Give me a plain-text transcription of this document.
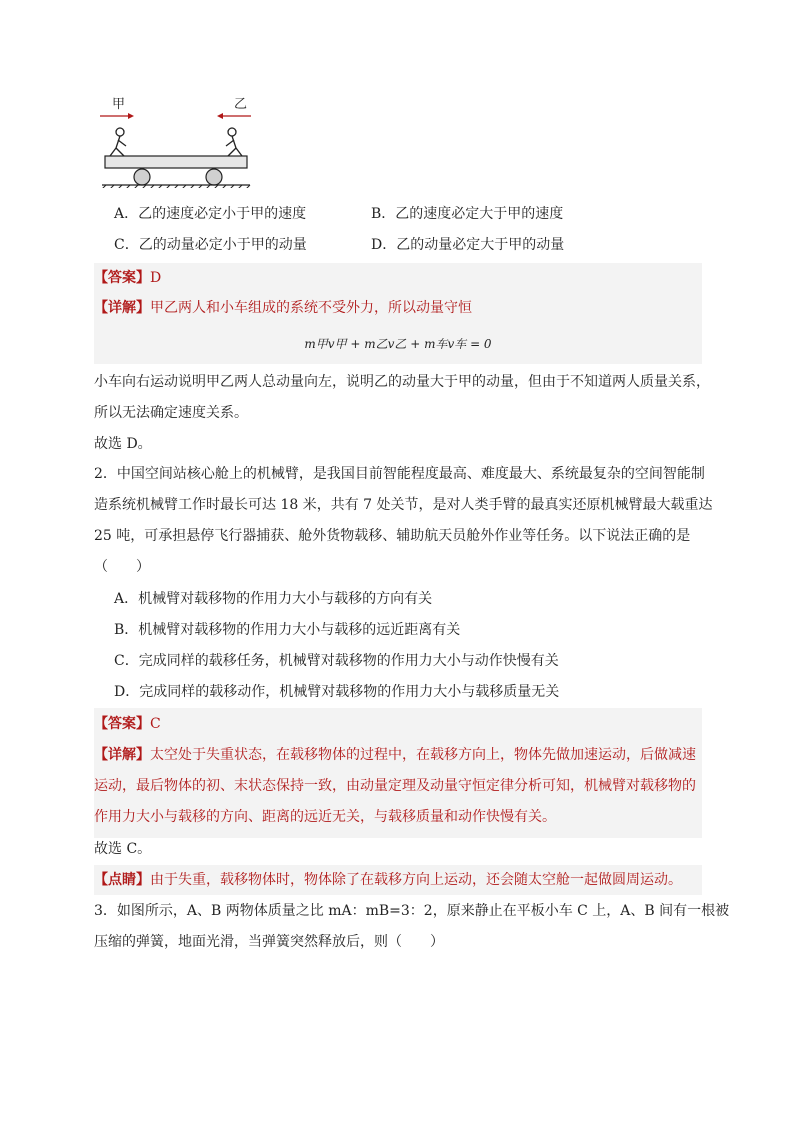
甲	乙
A．乙的速度必定小于甲的速度	B．乙的速度必定大于甲的速度
C．乙的动量必定小于甲的动量	D．乙的动量必定大于甲的动量
【答案】D
【详解】甲乙两人和小车组成的系统不受外力，所以动量守恒
m甲v甲 + m乙v乙 + m车v车 = 0
小车向右运动说明甲乙两人总动量向左，说明乙的动量大于甲的动量，但由于不知道两人质量关系，
所以无法确定速度关系。
故选 D。
2．中国空间站核心舱上的机械臂，是我国目前智能程度最高、难度最大、系统最复杂的空间智能制
造系统机械臂工作时最长可达 18 米，共有 7 处关节，是对人类手臂的最真实还原机械臂最大载重达
25 吨，可承担悬停飞行器捕获、舱外货物载移、辅助航天员舱外作业等任务。以下说法正确的是
（　　）
A．机械臂对载移物的作用力大小与载移的方向有关
B．机械臂对载移物的作用力大小与载移的远近距离有关
C．完成同样的载移任务，机械臂对载移物的作用力大小与动作快慢有关
D．完成同样的载移动作，机械臂对载移物的作用力大小与载移质量无关
【答案】C
【详解】太空处于失重状态，在载移物体的过程中，在载移方向上，物体先做加速运动，后做减速
运动，最后物体的初、末状态保持一致，由动量定理及动量守恒定律分析可知，机械臂对载移物的
作用力大小与载移的方向、距离的远近无关，与载移质量和动作快慢有关。
故选 C。
【点睛】由于失重，载移物体时，物体除了在载移方向上运动，还会随太空舱一起做圆周运动。
3．如图所示，A、B 两物体质量之比 mA：mB=3：2，原来静止在平板小车 C 上，A、B 间有一根被
压缩的弹簧，地面光滑，当弹簧突然释放后，则（　　）
